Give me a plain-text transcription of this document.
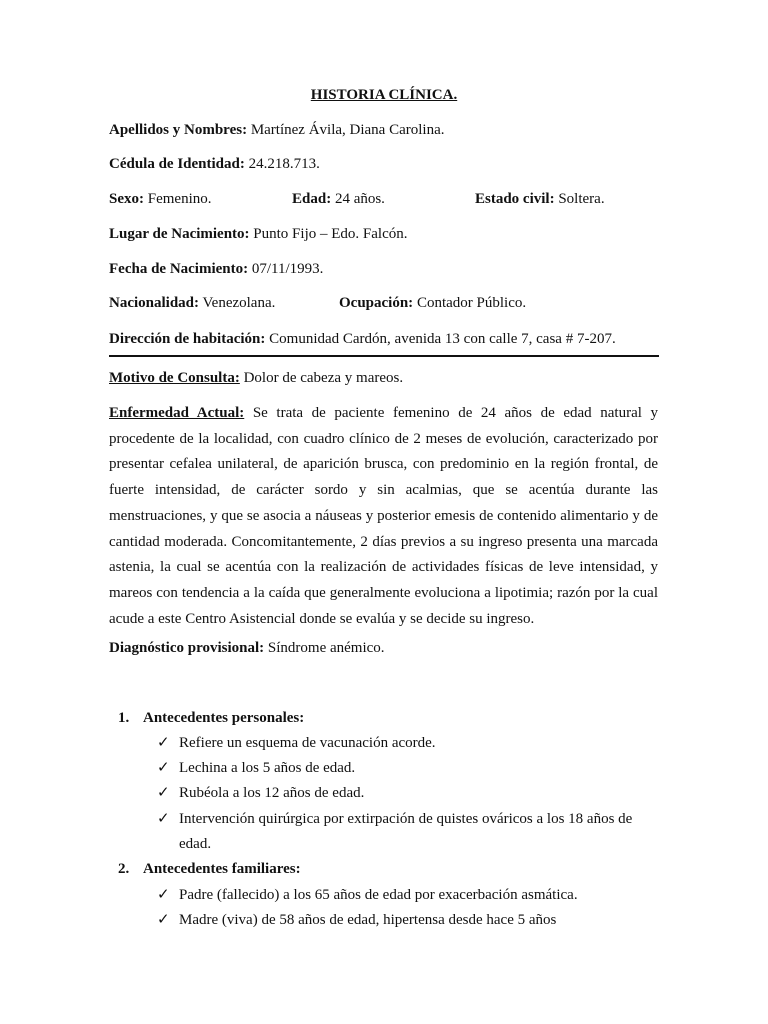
HISTORIA CLÍNICA.
Apellidos y Nombres: Martínez Ávila, Diana Carolina.
Cédula de Identidad: 24.218.713.
Sexo: Femenino.	Edad: 24 años.	Estado civil: Soltera.
Lugar de Nacimiento: Punto Fijo – Edo. Falcón.
Fecha de Nacimiento: 07/11/1993.
Nacionalidad: Venezolana.	Ocupación: Contador Público.
Dirección de habitación: Comunidad Cardón, avenida 13 con calle 7, casa # 7-207.
Motivo de Consulta: Dolor de cabeza y mareos.
Enfermedad Actual: Se trata de paciente femenino de 24 años de edad natural y procedente de la localidad, con cuadro clínico de 2 meses de evolución, caracterizado por presentar cefalea unilateral, de aparición brusca, con predominio en la región frontal, de fuerte intensidad, de carácter sordo y sin acalmias, que se acentúa durante las menstruaciones, y que se asocia a náuseas y posterior emesis de contenido alimentario y de cantidad moderada. Concomitantemente, 2 días previos a su ingreso presenta una marcada astenia, la cual se acentúa con la realización de actividades físicas de leve intensidad, y mareos con tendencia a la caída que generalmente evoluciona a lipotimia; razón por la cual acude a este Centro Asistencial donde se evalúa y se decide su ingreso.
Diagnóstico provisional: Síndrome anémico.
1. Antecedentes personales:
✓ Refiere un esquema de vacunación acorde.
✓ Lechina a los 5 años de edad.
✓ Rubéola a los 12 años de edad.
✓ Intervención quirúrgica por extirpación de quistes ováricos a los 18 años de
edad.
2. Antecedentes familiares:
✓ Padre (fallecido) a los 65 años de edad por exacerbación asmática.
✓ Madre (viva) de 58 años de edad, hipertensa desde hace 5 años
